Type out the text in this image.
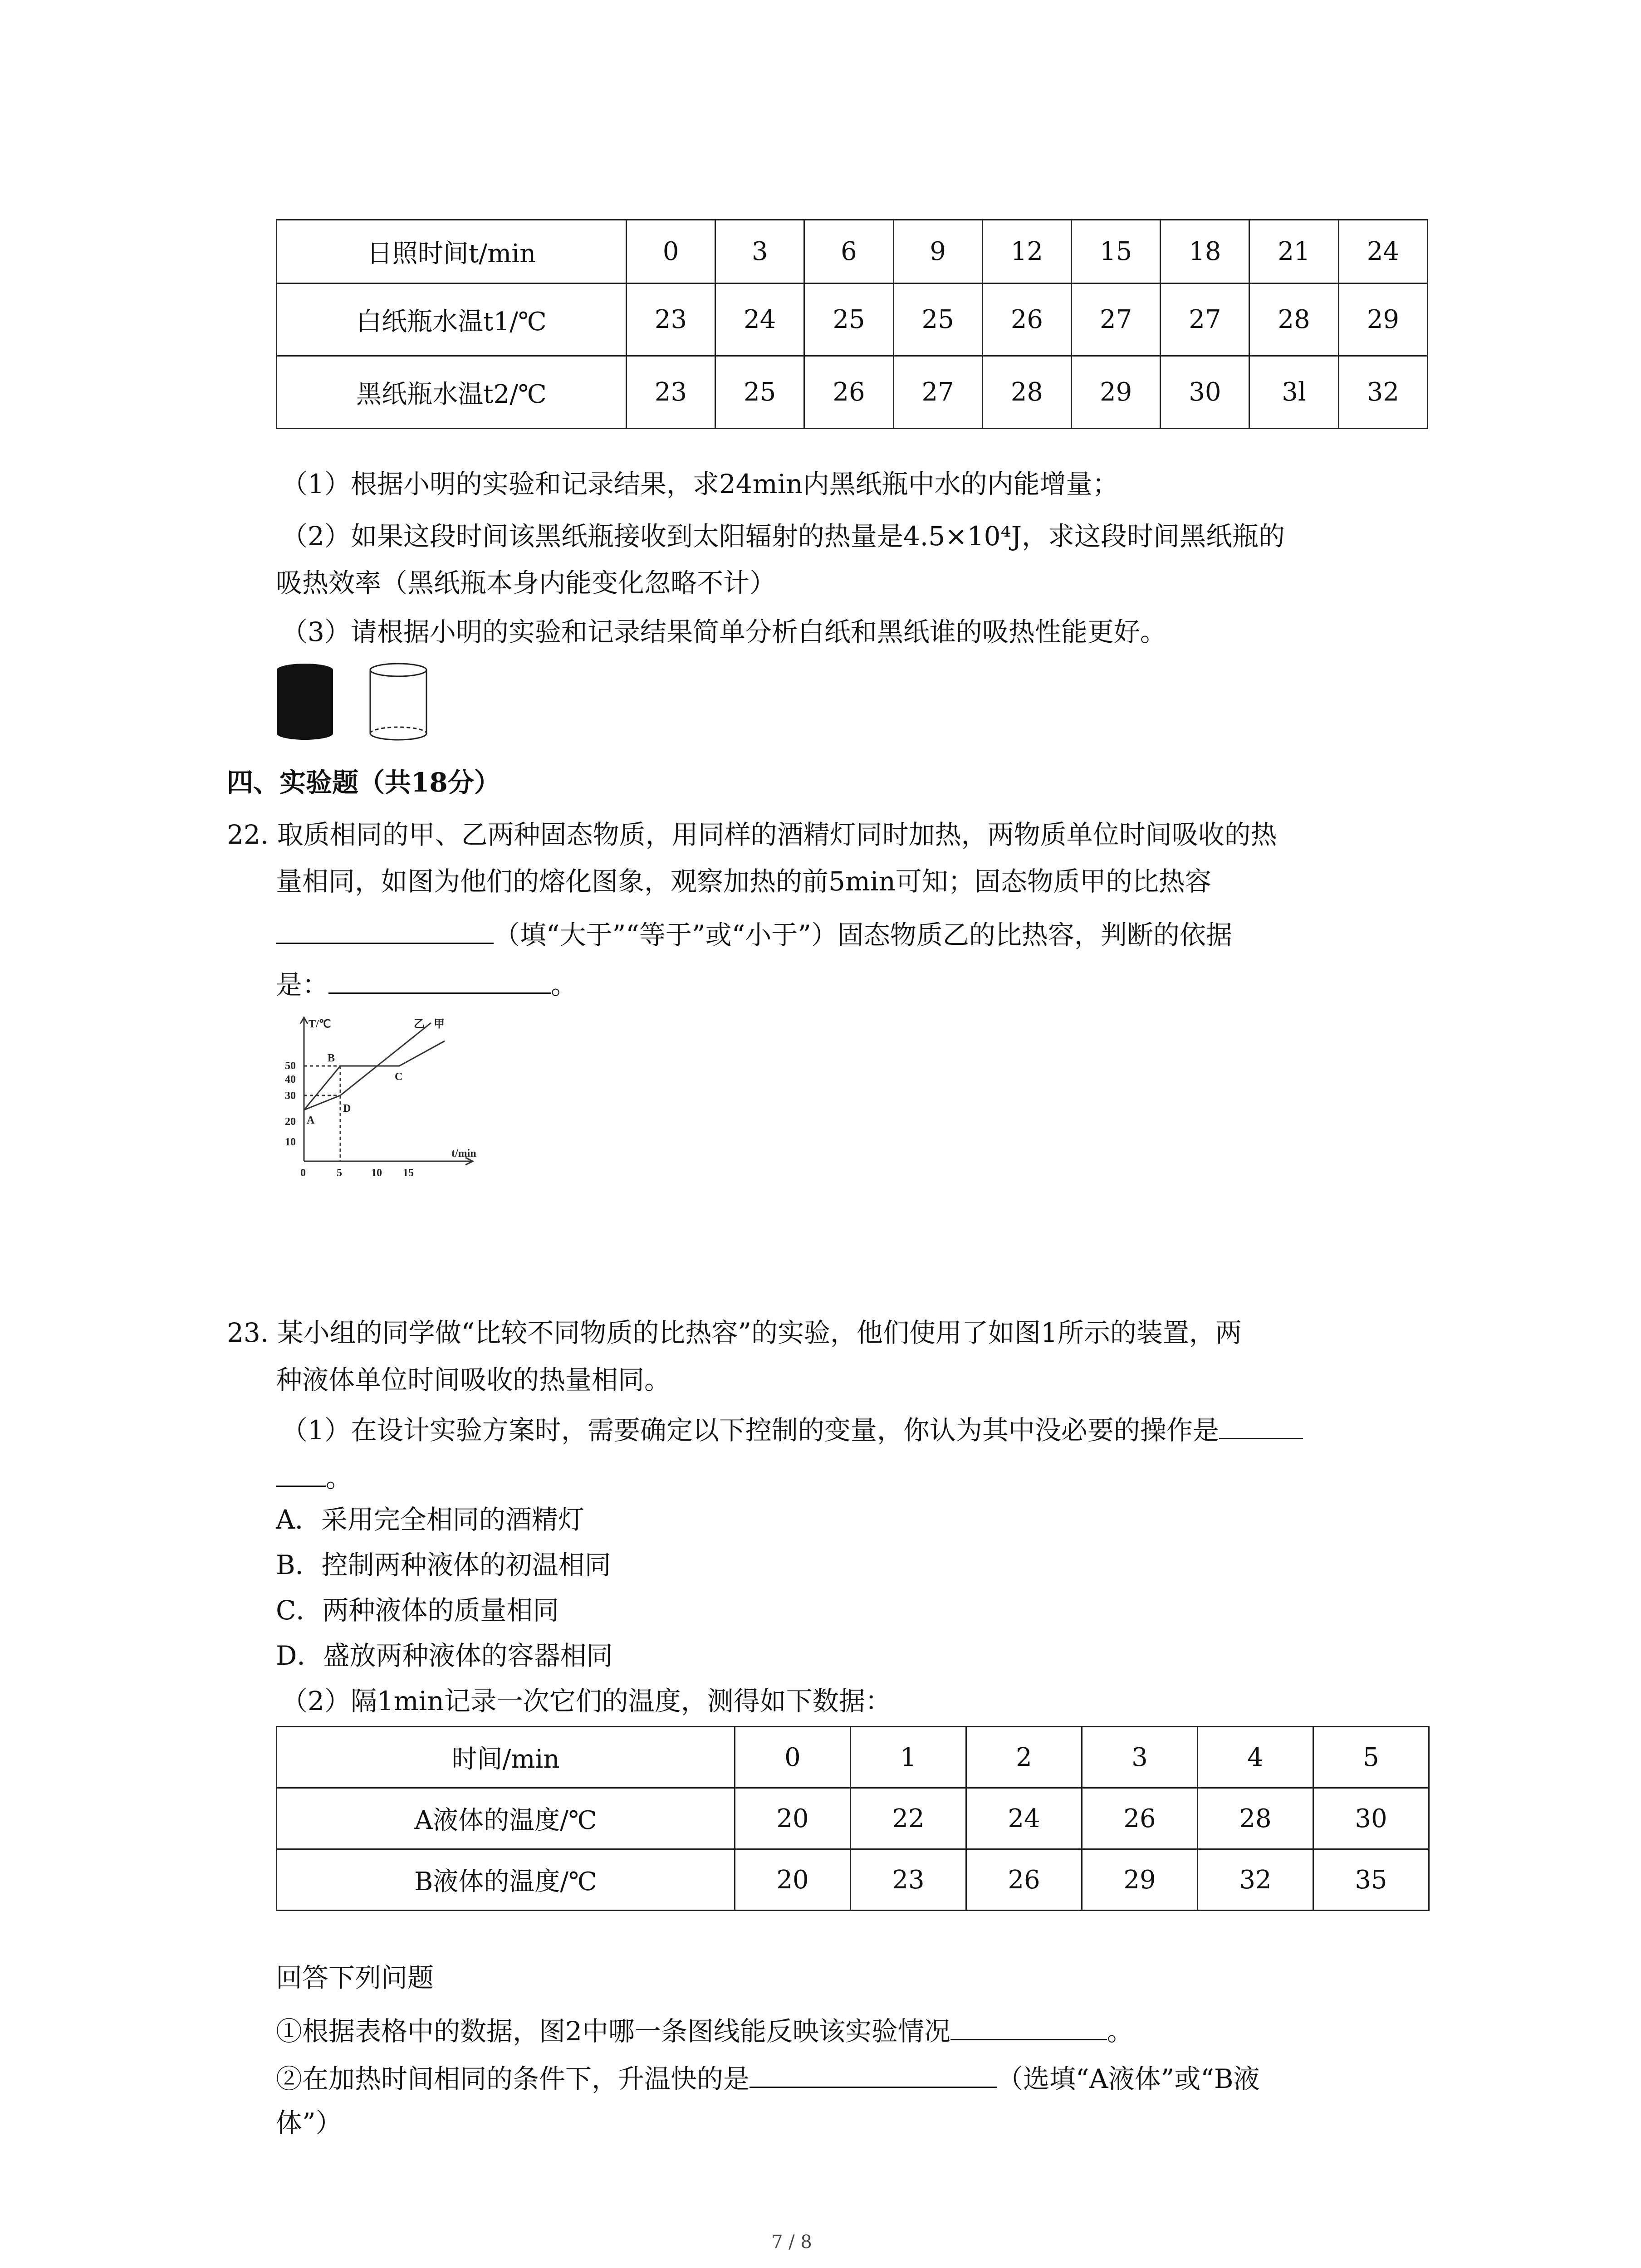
日照时间t/min	0	3	6	9	12	15	18	21	24
白纸瓶水温t1/℃	23	24	25	25	26	27	27	28	29
黑纸瓶水温t2/℃	23	25	26	27	28	29	30	3l	32
（1）根据小明的实验和记录结果，求24min内黑纸瓶中水的内能增量；
（2）如果这段时间该黑纸瓶接收到太阳辐射的热量是4.5×10⁴J，求这段时间黑纸瓶的
吸热效率（黑纸瓶本身内能变化忽略不计）
（3）请根据小明的实验和记录结果简单分析白纸和黑纸谁的吸热性能更好。
四、实验题（共18分）
22. 取质相同的甲、乙两种固态物质，用同样的酒精灯同时加热，两物质单位时间吸收的热
量相同，如图为他们的熔化图象，观察加热的前5min可知；固态物质甲的比热容
（填“大于”“等于”或“小于”）固态物质乙的比热容，判断的依据
是：	。
T/℃
t/min
10
20
30
40
50
0	5	10 15
A
B
C
D
乙 甲
23. 某小组的同学做“比较不同物质的比热容”的实验，他们使用了如图1所示的装置，两
种液体单位时间吸收的热量相同。
（1）在设计实验方案时，需要确定以下控制的变量，你认为其中没必要的操作是
。
A．采用完全相同的酒精灯
B．控制两种液体的初温相同
C．两种液体的质量相同
D．盛放两种液体的容器相同
（2）隔1min记录一次它们的温度，测得如下数据：
时间/min	0	1	2	3	4	5
A液体的温度/℃	20	22	24	26	28	30
B液体的温度/℃	20	23	26	29	32	35
回答下列问题
①根据表格中的数据，图2中哪一条图线能反映该实验情况	。
②在加热时间相同的条件下，升温快的是	（选填“A液体”或“B液
体”）
7 / 8
